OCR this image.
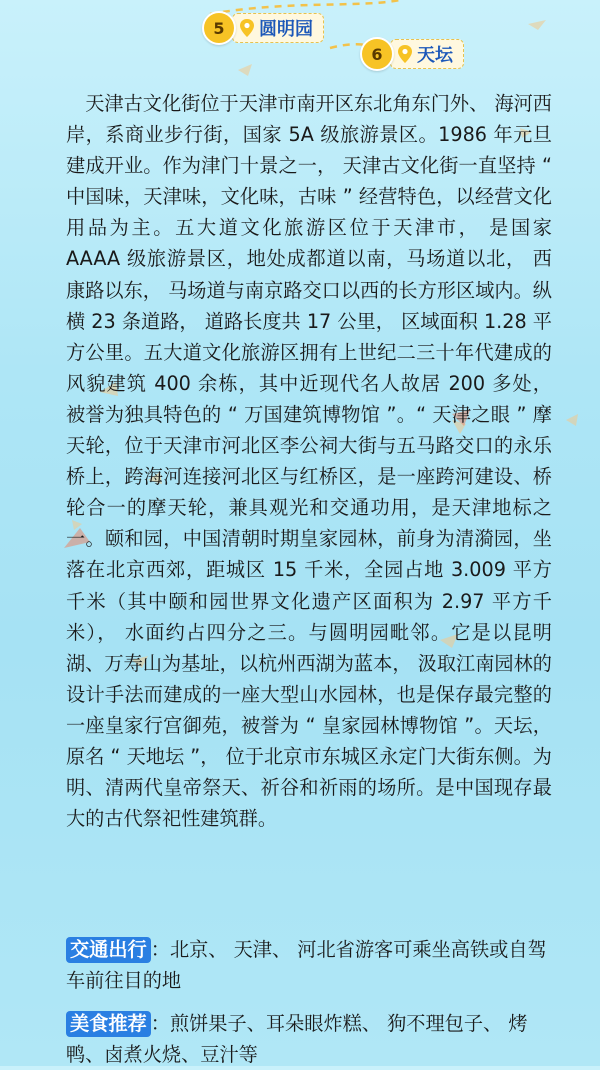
5	圆明园
6	天坛

天津古文化街位于天津市南开区东北角东门外、 海河西岸，系商业步行街，国家 5A 级旅游景区。1986 年元旦建成开业。作为津门十景之一， 天津古文化街一直坚持 “ 中国味，天津味，文化味，古味 ” 经营特色，以经营文化用品为主。五大道文化旅游区位于天津市， 是国家 AAAA 级旅游景区，地处成都道以南，马场道以北， 西康路以东， 马场道与南京路交口以西的长方形区域内。纵横 23 条道路， 道路长度共 17 公里， 区域面积 1.28 平方公里。五大道文化旅游区拥有上世纪二三十年代建成的风貌建筑 400 余栋，其中近现代名人故居 200 多处， 被誉为独具特色的 “ 万国建筑博物馆 ”。“ 天津之眼 ” 摩天轮，位于天津市河北区李公祠大街与五马路交口的永乐桥上，跨海河连接河北区与红桥区，是一座跨河建设、桥轮合一的摩天轮，兼具观光和交通功用，是天津地标之一。颐和园，中国清朝时期皇家园林，前身为清漪园，坐落在北京西郊，距城区 15 千米，全园占地 3.009 平方千米（其中颐和园世界文化遗产区面积为 2.97 平方千米）， 水面约占四分之三。与圆明园毗邻。它是以昆明湖、万寿山为基址，以杭州西湖为蓝本， 汲取江南园林的设计手法而建成的一座大型山水园林，也是保存最完整的一座皇家行宫御苑，被誉为 “ 皇家园林博物馆 ”。天坛， 原名 “ 天地坛 ”， 位于北京市东城区永定门大街东侧。为明、清两代皇帝祭天、祈谷和祈雨的场所。是中国现存最大的古代祭祀性建筑群。

交通出行 ：北京、 天津、 河北省游客可乘坐高铁或自驾车前往目的地

美食推荐 ：煎饼果子、耳朵眼炸糕、 狗不理包子、 烤鸭、卤煮火烧、豆汁等
